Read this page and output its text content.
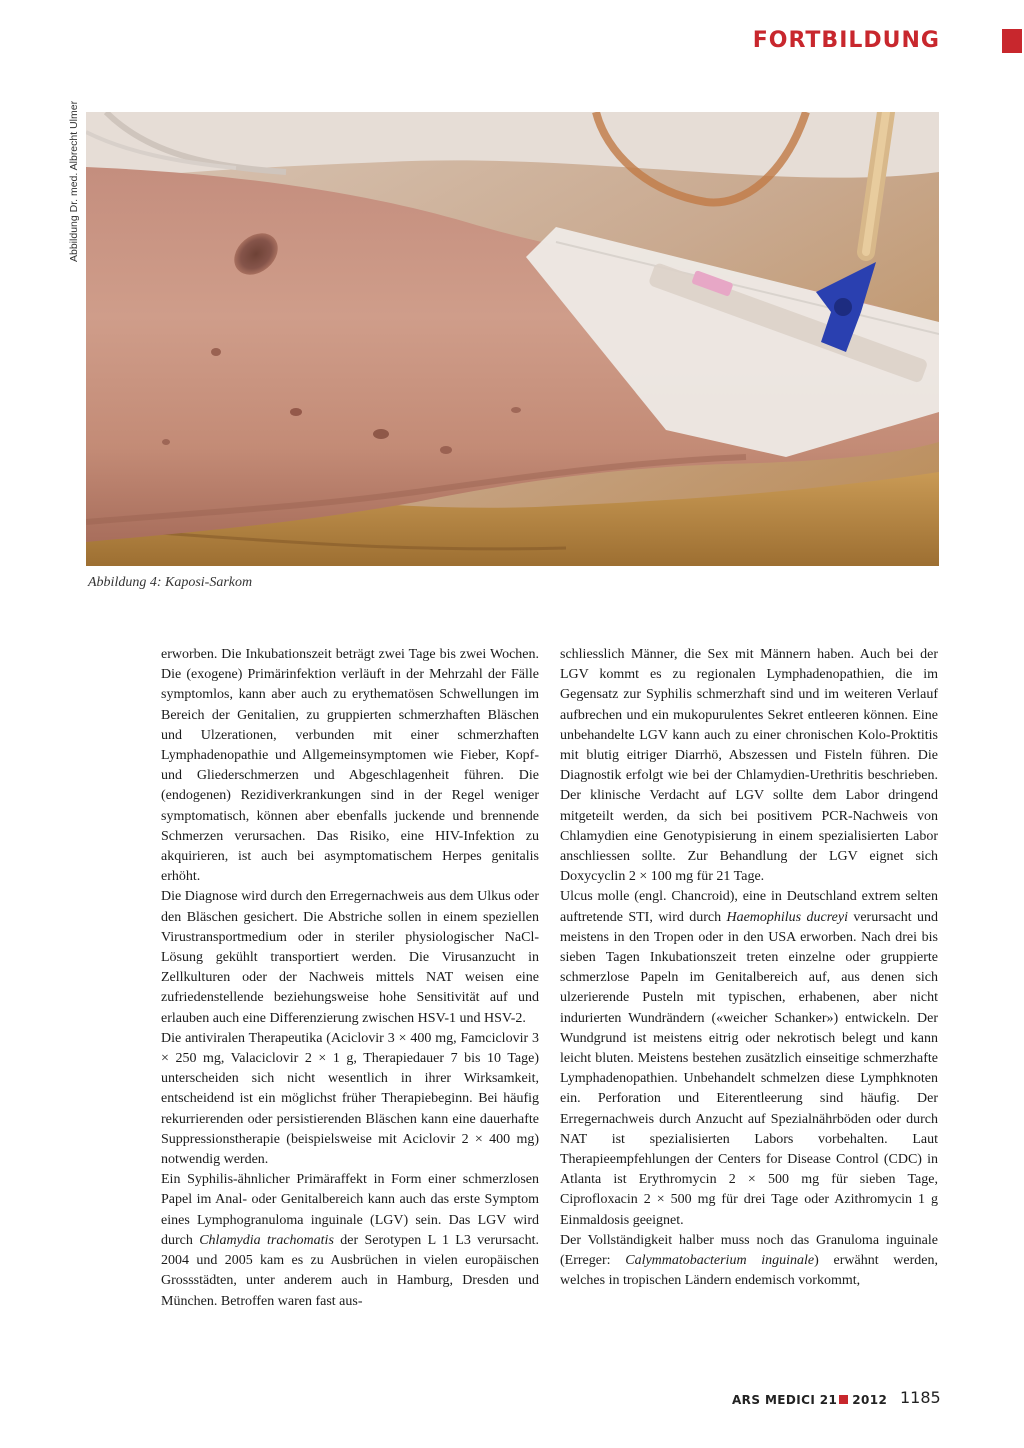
FORTBILDUNG
Abbildung Dr. med. Albrecht Ulmer
Abbildung 4: Kaposi-Sarkom

erworben. Die Inkubationszeit beträgt zwei Tage bis zwei Wochen. Die (exogene) Primärinfektion verläuft in der Mehrzahl der Fälle symptomlos, kann aber auch zu erythematösen Schwellungen im Bereich der Genitalien, zu gruppierten schmerzhaften Bläschen und Ulzerationen, verbunden mit einer schmerzhaften Lymphadenopathie und Allgemeinsymptomen wie Fieber, Kopf- und Gliederschmerzen und Abgeschlagenheit führen. Die (endogenen) Rezidiverkrankungen sind in der Regel weniger symptomatisch, können aber ebenfalls juckende und brennende Schmerzen verursachen. Das Risiko, eine HIV-Infektion zu akquirieren, ist auch bei asymptomatischem Herpes genitalis erhöht.

Die Diagnose wird durch den Erregernachweis aus dem Ulkus oder den Bläschen gesichert. Die Abstriche sollen in einem speziellen Virustransportmedium oder in steriler physiologischer NaCl-Lösung gekühlt transportiert werden. Die Virusanzucht in Zellkulturen oder der Nachweis mittels NAT weisen eine zufriedenstellende beziehungsweise hohe Sensitivität auf und erlauben auch eine Differenzierung zwischen HSV-1 und HSV-2.

Die antiviralen Therapeutika (Aciclovir 3 × 400 mg, Famciclovir 3 × 250 mg, Valaciclovir 2 × 1 g, Therapiedauer 7 bis 10 Tage) unterscheiden sich nicht wesentlich in ihrer Wirksamkeit, entscheidend ist ein möglichst früher Therapiebeginn. Bei häufig rekurrierenden oder persistierenden Bläschen kann eine dauerhafte Suppressionstherapie (beispielsweise mit Aciclovir 2 × 400 mg) notwendig werden.

Ein Syphilis-ähnlicher Primäraffekt in Form einer schmerzlosen Papel im Anal- oder Genitalbereich kann auch das erste Symptom eines Lymphogranuloma inguinale (LGV) sein. Das LGV wird durch Chlamydia trachomatis der Serotypen L 1 L3 verursacht. 2004 und 2005 kam es zu Ausbrüchen in vielen europäischen Grossstädten, unter anderem auch in Hamburg, Dresden und München. Betroffen waren fast aus-

schliesslich Männer, die Sex mit Männern haben. Auch bei der LGV kommt es zu regionalen Lymphadenopathien, die im Gegensatz zur Syphilis schmerzhaft sind und im weiteren Verlauf aufbrechen und ein mukopurulentes Sekret entleeren können. Eine unbehandelte LGV kann auch zu einer chronischen Kolo-Proktitis mit blutig eitriger Diarrhö, Abszessen und Fisteln führen. Die Diagnostik erfolgt wie bei der Chlamydien-Urethritis beschrieben. Der klinische Verdacht auf LGV sollte dem Labor dringend mitgeteilt werden, da sich bei positivem PCR-Nachweis von Chlamydien eine Genotypisierung in einem spezialisierten Labor anschliessen sollte. Zur Behandlung der LGV eignet sich Doxycyclin 2 × 100 mg für 21 Tage.

Ulcus molle (engl. Chancroid), eine in Deutschland extrem selten auftretende STI, wird durch Haemophilus ducreyi verursacht und meistens in den Tropen oder in den USA erworben. Nach drei bis sieben Tagen Inkubationszeit treten einzelne oder gruppierte schmerzlose Papeln im Genitalbereich auf, aus denen sich ulzerierende Pusteln mit typischen, erhabenen, aber nicht indurierten Wundrändern («weicher Schanker») entwickeln. Der Wundgrund ist meistens eitrig oder nekrotisch belegt und kann leicht bluten. Meistens bestehen zusätzlich einseitige schmerzhafte Lymphadenopathien. Unbehandelt schmelzen diese Lymphknoten ein. Perforation und Eiterentleerung sind häufig. Der Erregernachweis durch Anzucht auf Spezialnährböden oder durch NAT ist spezialisierten Labors vorbehalten. Laut Therapieempfehlungen der Centers for Disease Control (CDC) in Atlanta ist Erythromycin 2 × 500 mg für sieben Tage, Ciprofloxacin 2 × 500 mg für drei Tage oder Azithromycin 1 g Einmaldosis geeignet.

Der Vollständigkeit halber muss noch das Granuloma inguinale (Erreger: Calymmatobacterium inguinale) erwähnt werden, welches in tropischen Ländern endemisch vorkommt,

ARS MEDICI 21 2012 1185
